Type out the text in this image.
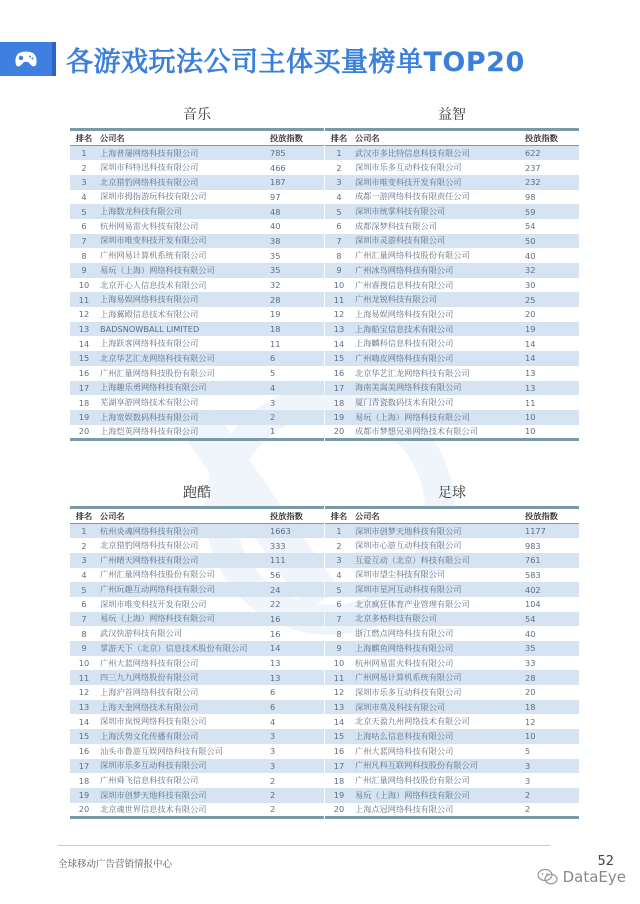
各游戏玩法公司主体买量榜单TOP20
音乐
排名	公司名	投放指数
1	上海普屡网络科技有限公司	785
2	深圳市科特迅科技有限公司	466
3	北京猎豹网络科技有限公司	187
4	深圳市拇指游玩科技有限公司	97
5	上海数龙科技有限公司	48
6	杭州网易雷火科技有限公司	40
7	深圳市唯变科技开发有限公司	38
8	广州网易计算机系统有限公司	35
9	易玩（上海）网络科技有限公司	35
10	北京开心人信息技术有限公司	32
11	上海易娱网络科技有限公司	28
12	上海翼殿信息技术有限公司	19
13	BADSNOWBALL LIMITED	18
14	上海跃客网络科技有限公司	11
15	北京华艺汇龙网络科技有限公司	6
16	广州汇量网络科技股份有限公司	5
17	上海趣乐勇网络科技有限公司	4
18	芜湖享游网络技术有限公司	3
19	上海宽娱数码科技有限公司	2
20	上海恺英网络科技有限公司	1
益智
排名	公司名	投放指数
1	武汉市多比特信息科技有限公司	622
2	深圳市乐多互动科技有限公司	237
3	深圳市唯变科技开发有限公司	232
4	成都一游网络科技有限责任公司	98
5	深圳市统掌科技有限公司	59
6	成都深梦科技有限公司	54
7	深圳市灵游科技有限公司	50
8	广州汇量网络科技股份有限公司	40
9	广州冰鸟网络科技有限公司	32
10	广州睿搜信息科技有限公司	30
11	广州龙锐科技有限公司	25
12	上海易娱网络科技有限公司	20
13	上海船宝信息技术有限公司	19
14	上海麟科信息科技有限公司	14
15	广州嗨皮网络科技有限公司	14
16	北京华艺汇龙网络科技有限公司	13
17	海南美嵩美网络科技有限公司	13
18	厦门青瓷数码技术有限公司	11
19	易玩（上海）网络科技有限公司	10
20	成都市梦想兄弟网络技术有限公司	10
跑酷
排名	公司名	投放指数
1	杭州炎魂网络科技有限公司	1663
2	北京猎豹网络科技有限公司	333
3	广州晴天网络科技有限公司	111
4	广州汇量网络科技股份有限公司	56
5	广州玩趣互动网络科技有限公司	24
6	深圳市唯变科技开发有限公司	22
7	易玩（上海）网络科技有限公司	16
8	武汉快游科技有限公司	16
9	掌游天下（北京）信息技术股份有限公司	14
10	广州大蓝网络科技有限公司	13
11	四三九九网络股份有限公司	13
12	上海沪首网络科技有限公司	6
13	上海天奎网络技术有限公司	6
14	深圳市岚悦网络科技有限公司	4
15	上海沃势文化传播有限公司	3
16	汕头市鲁游互娱网络科技有限公司	3
17	深圳市乐多互动科技有限公司	3
18	广州舜飞信息科技有限公司	2
19	深圳市创梦天地科技有限公司	2
20	北京魂世界信息技术有限公司	2
足球
排名	公司名	投放指数
1	深圳市创梦天地科技有限公司	1177
2	深圳市心游互动科技有限公司	983
3	互爱互动（北京）科技有限公司	761
4	深圳市望尘科技有限公司	583
5	深圳市星河互动科技有限公司	402
6	北京疯狂体育产业管理有限公司	104
7	北京多格科技有限公司	54
8	浙江燃点网络科技有限公司	40
9	上海麒鱼网络科技有限公司	35
10	杭州网易雷火科技有限公司	33
11	广州网易计算机系统有限公司	28
12	深圳市乐多互动科技有限公司	20
13	深圳市莫及科技有限公司	18
14	北京天盈九州网络技术有限公司	12
15	上海咕么信息科技有限公司	10
16	广州大蓝网络科技有限公司	5
17	广州凡科互联网科技股份有限公司	3
18	广州汇量网络科技股份有限公司	3
19	易玩（上海）网络科技有限公司	2
20	上海点冠网络科技有限公司	2
全球移动广告营销情报中心	52
DataEye
